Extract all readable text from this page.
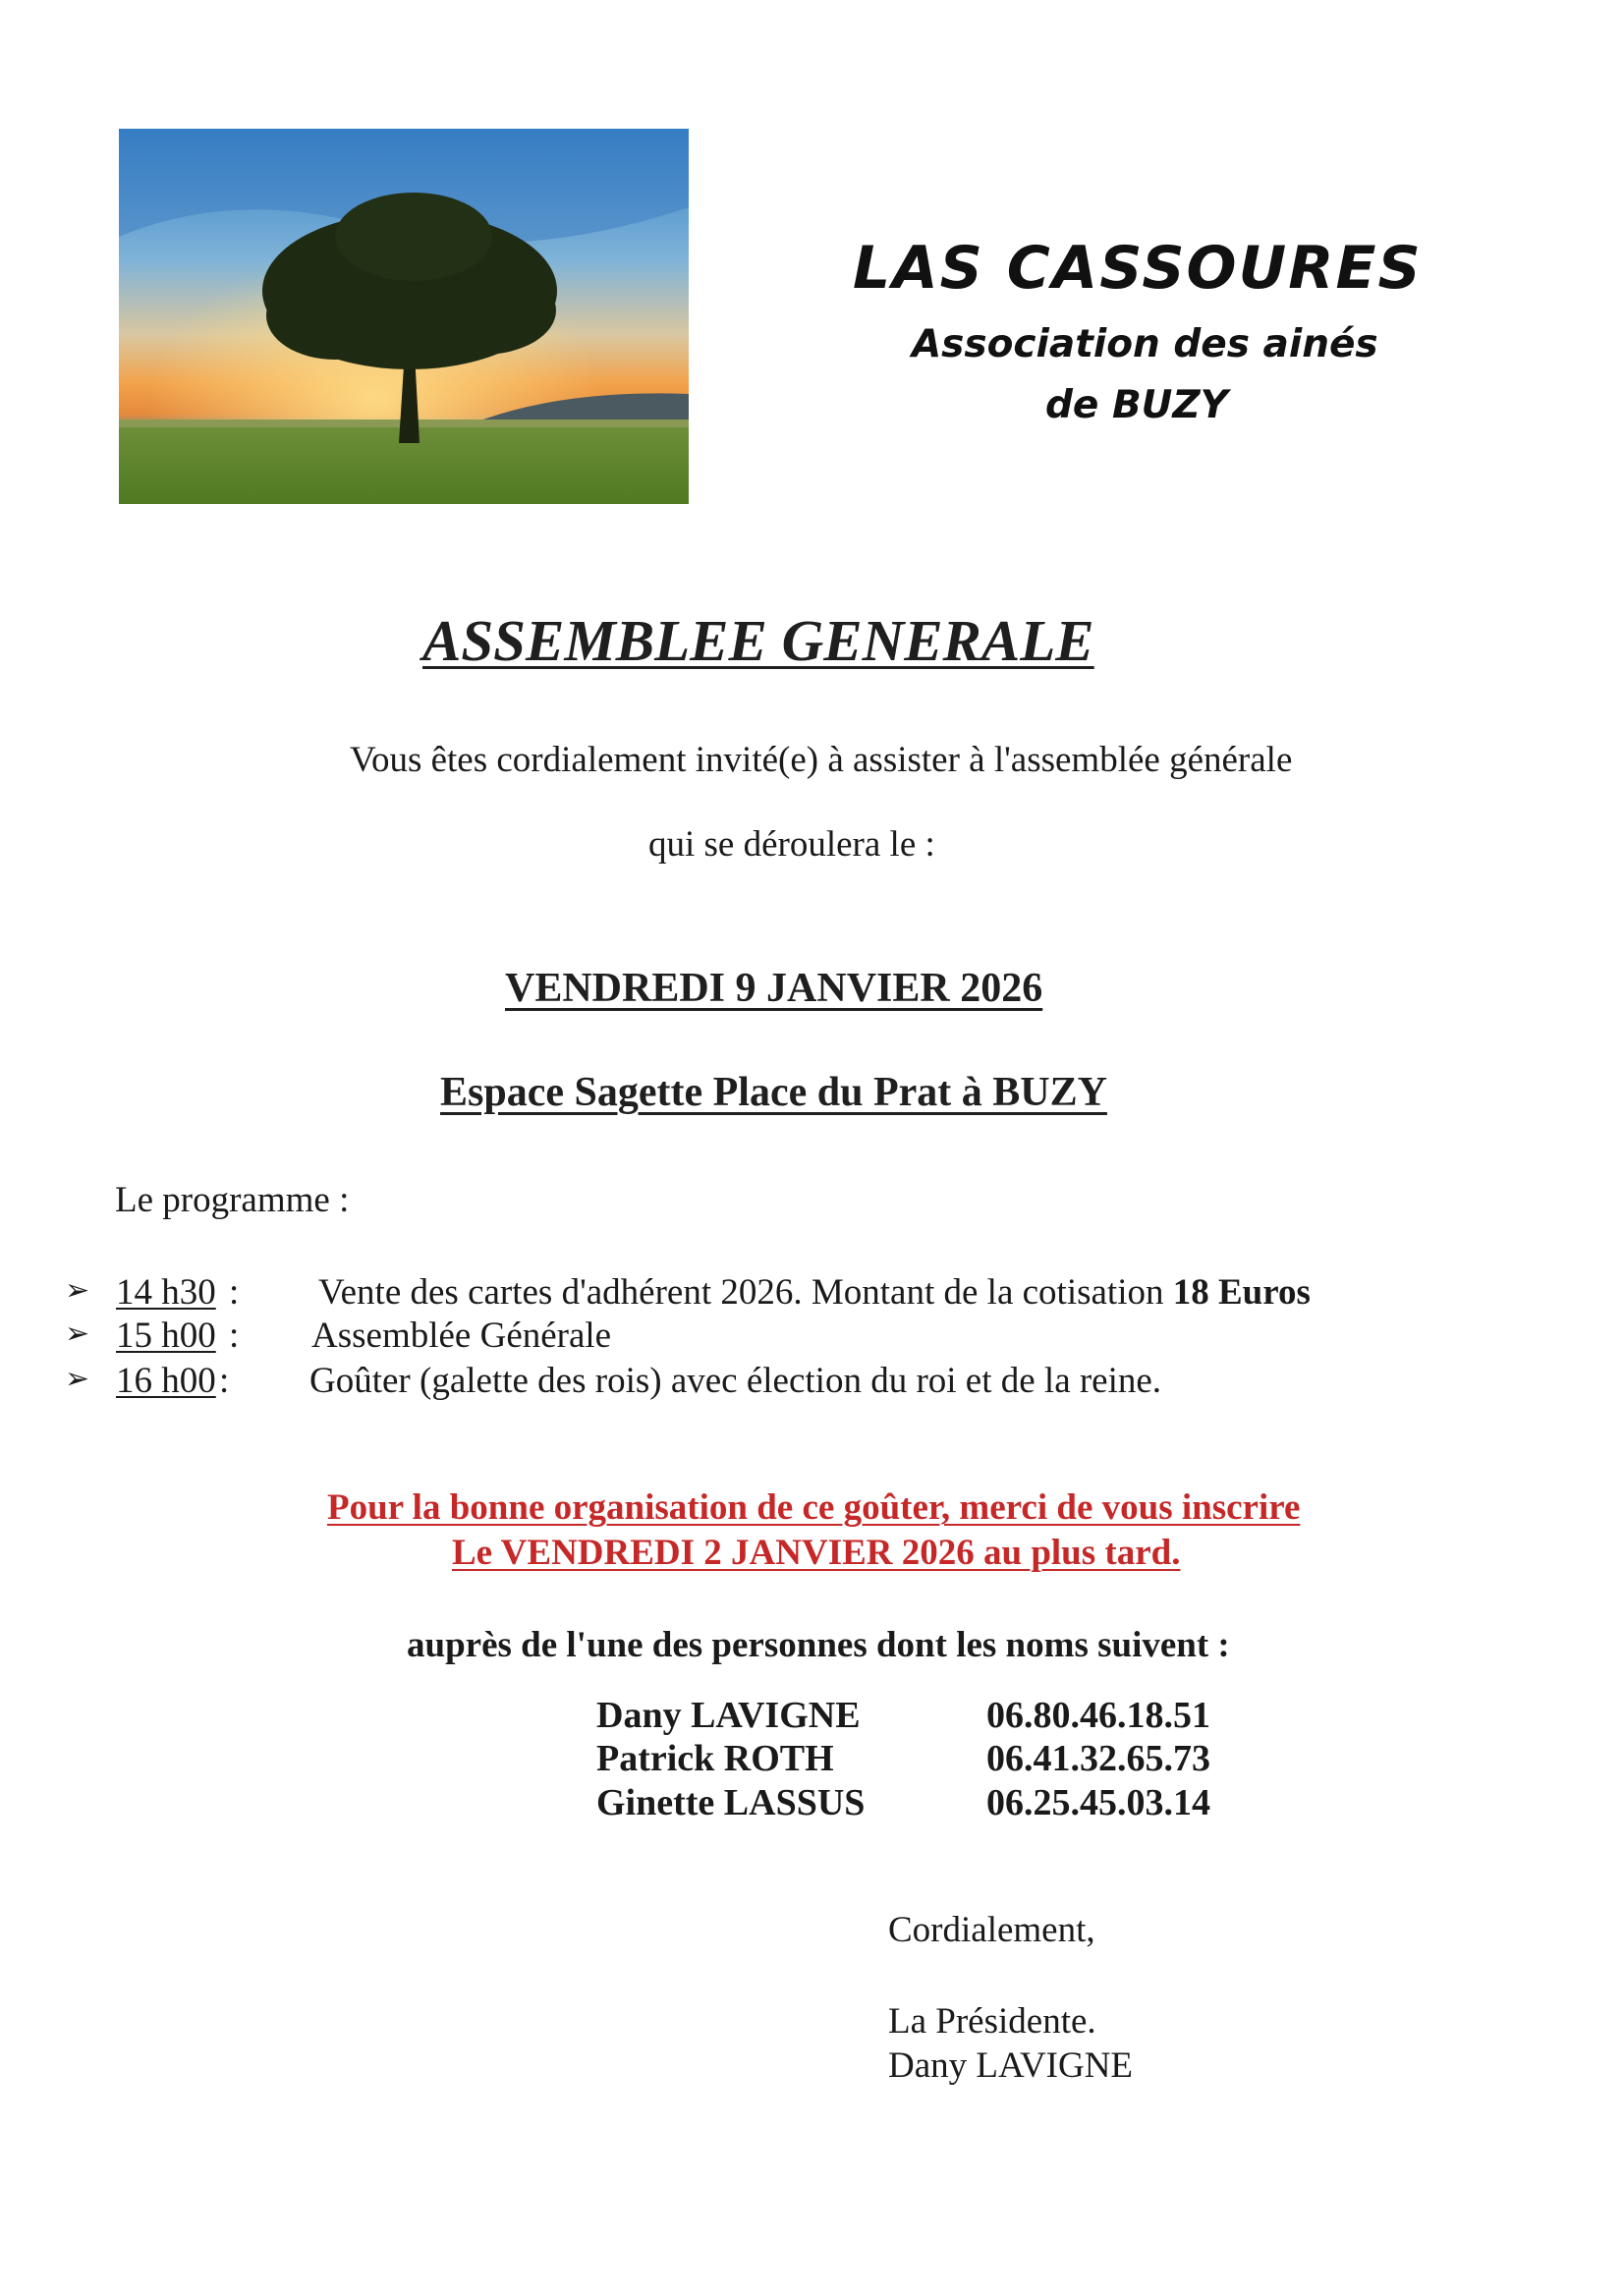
LAS CASSOURES
Association des ainés
de BUZY
ASSEMBLEE GENERALE
Vous êtes cordialement invité(e) à assister à l'assemblée générale
qui se déroulera le :
VENDREDI 9 JANVIER 2026
Espace Sagette Place du Prat à BUZY
Le programme :
➢ 14 h30 : Vente des cartes d'adhérent 2026. Montant de la cotisation 18 Euros
➢ 15 h00 : Assemblée Générale
➢ 16 h00 : Goûter (galette des rois) avec élection du roi et de la reine.
Pour la bonne organisation de ce goûter, merci de vous inscrire
Le VENDREDI 2 JANVIER 2026 au plus tard.
auprès de l'une des personnes dont les noms suivent :
Dany LAVIGNE	06.80.46.18.51
Patrick ROTH	06.41.32.65.73
Ginette LASSUS	06.25.45.03.14
Cordialement,
La Présidente.
Dany LAVIGNE
